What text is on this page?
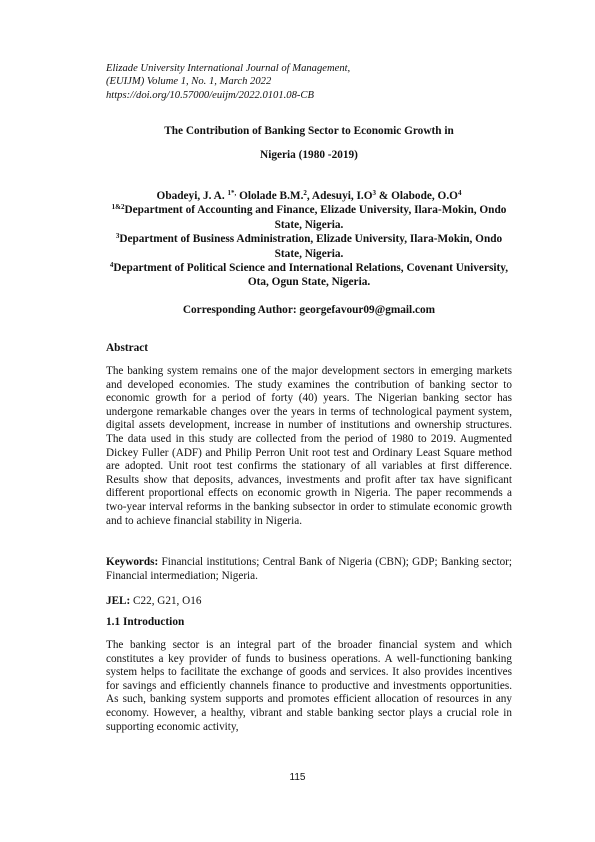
Elizade University International Journal of Management,
(EUIJM) Volume 1, No. 1, March 2022
https://doi.org/10.57000/euijm/2022.0101.08-CB
The Contribution of Banking Sector to Economic Growth in
Nigeria (1980 -2019)
Obadeyi, J. A. $^{1*,}$ Ololade B.M.$^2$, Adesuyi, $I.O^3$ & Olabode, $O.O^4$
$^{1\&2}$Department of Accounting and Finance, Elizade University, Ilara-Mokin, Ondo State, Nigeria.
$^3$Department of Business Administration, Elizade University, Ilara-Mokin, Ondo State, Nigeria.
$^4$Department of Political Science and International Relations, Covenant University, Ota, Ogun State, Nigeria.
Corresponding Author: georgefavour09@gmail.com
Abstract

The banking system remains one of the major development sectors in emerging markets and developed economies. The study examines the contribution of banking sector to economic growth for a period of forty (40) years. The Nigerian banking sector has undergone remarkable changes over the years in terms of technological payment system, digital assets development, increase in number of institutions and ownership structures. The data used in this study are collected from the period of 1980 to 2019. Augmented Dickey Fuller (ADF) and Philip Perron Unit root test and Ordinary Least Square method are adopted. Unit root test confirms the stationary of all variables at first difference. Results show that deposits, advances, investments and profit after tax have significant different proportional effects on economic growth in Nigeria. The paper recommends a two-year interval reforms in the banking subsector in order to stimulate economic growth and to achieve financial stability in Nigeria.

Keywords: Financial institutions; Central Bank of Nigeria (CBN); GDP; Banking sector; Financial intermediation; Nigeria.

JEL: C22, G21, O16

1.1 Introduction

The banking sector is an integral part of the broader financial system and which constitutes a key provider of funds to business operations. A well-functioning banking system helps to facilitate the exchange of goods and services. It also provides incentives for savings and efficiently channels finance to productive and investments opportunities. As such, banking system supports and promotes efficient allocation of resources in any economy. However, a healthy, vibrant and stable banking sector plays a crucial role in supporting economic activity,

115
